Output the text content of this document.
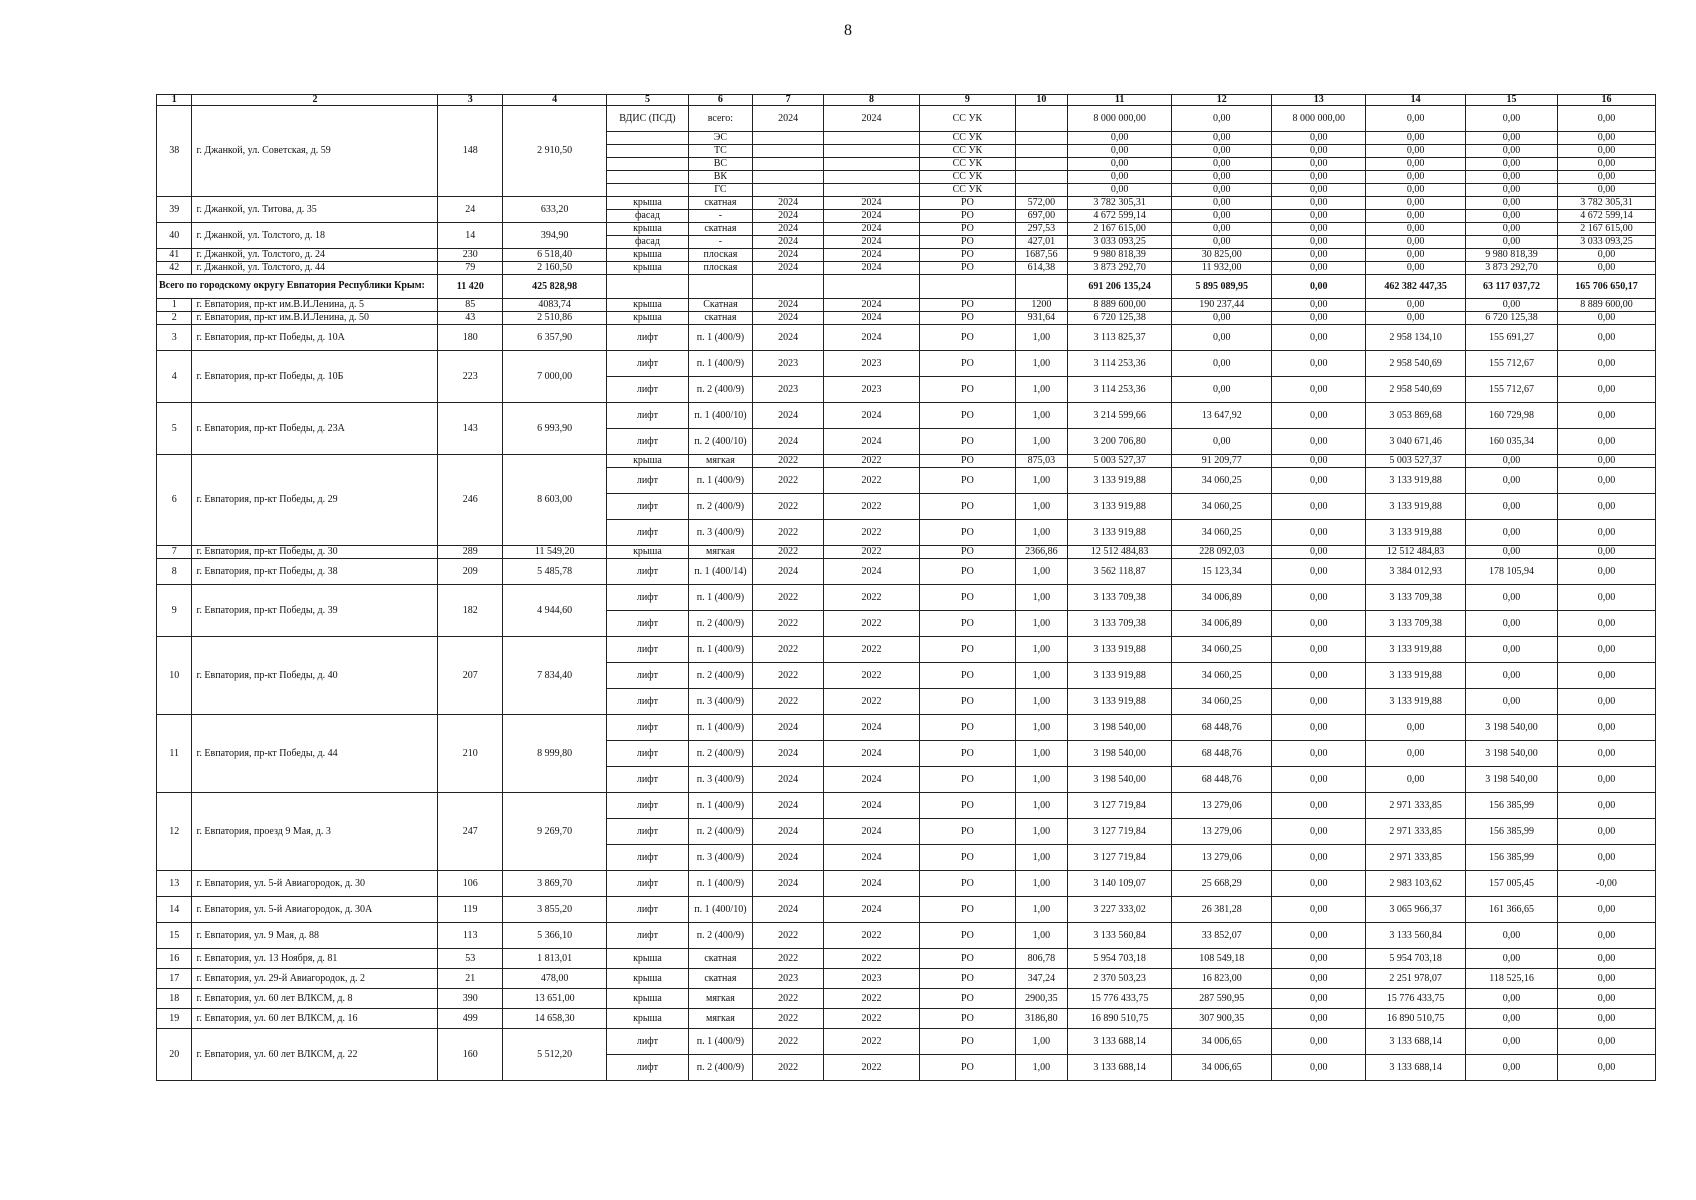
8
1	2	3	4	5	6	7	8	9	10	11	12	13	14	15	16
38	г. Джанкой, ул. Советская, д. 59	148	2 910,50	ВДИС (ПСД)	всего:	2024	2024	СС УК		8 000 000,00	0,00	8 000 000,00	0,00	0,00	0,00
					ЭС			СС УК		0,00	0,00	0,00	0,00	0,00	0,00
					ТС			СС УК		0,00	0,00	0,00	0,00	0,00	0,00
					ВС			СС УК		0,00	0,00	0,00	0,00	0,00	0,00
					ВК			СС УК		0,00	0,00	0,00	0,00	0,00	0,00
					ГС			СС УК		0,00	0,00	0,00	0,00	0,00	0,00
39	г. Джанкой, ул. Титова, д. 35	24	633,20	крыша	скатная	2024	2024	РО	572,00	3 782 305,31	0,00	0,00	0,00	0,00	3 782 305,31
				фасад	-	2024	2024	РО	697,00	4 672 599,14	0,00	0,00	0,00	0,00	4 672 599,14
40	г. Джанкой, ул. Толстого, д. 18	14	394,90	крыша	скатная	2024	2024	РО	297,53	2 167 615,00	0,00	0,00	0,00	0,00	2 167 615,00
				фасад	-	2024	2024	РО	427,01	3 033 093,25	0,00	0,00	0,00	0,00	3 033 093,25
41	г. Джанкой, ул. Толстого, д. 24	230	6 518,40	крыша	плоская	2024	2024	РО	1687,56	9 980 818,39	30 825,00	0,00	0,00	9 980 818,39	0,00
42	г. Джанкой, ул. Толстого, д. 44	79	2 160,50	крыша	плоская	2024	2024	РО	614,38	3 873 292,70	11 932,00	0,00	0,00	3 873 292,70	0,00
Всего по городскому округу Евпатория Республики Крым:		11 420	425 828,98							691 206 135,24	5 895 089,95	0,00	462 382 447,35	63 117 037,72	165 706 650,17
1	г. Евпатория, пр-кт им.В.И.Ленина, д. 5	85	4083,74	крыша	Скатная	2024	2024	РО	1200	8 889 600,00	190 237,44	0,00	0,00	0,00	8 889 600,00
2	г. Евпатория, пр-кт им.В.И.Ленина, д. 50	43	2 510,86	крыша	скатная	2024	2024	РО	931,64	6 720 125,38	0,00	0,00	0,00	6 720 125,38	0,00
3	г. Евпатория, пр-кт Победы, д. 10А	180	6 357,90	лифт	п. 1 (400/9)	2024	2024	РО	1,00	3 113 825,37	0,00	0,00	2 958 134,10	155 691,27	0,00
4	г. Евпатория, пр-кт Победы, д. 10Б	223	7 000,00	лифт	п. 1 (400/9)	2023	2023	РО	1,00	3 114 253,36	0,00	0,00	2 958 540,69	155 712,67	0,00
				лифт	п. 2 (400/9)	2023	2023	РО	1,00	3 114 253,36	0,00	0,00	2 958 540,69	155 712,67	0,00
5	г. Евпатория, пр-кт Победы, д. 23А	143	6 993,90	лифт	п. 1 (400/10)	2024	2024	РО	1,00	3 214 599,66	13 647,92	0,00	3 053 869,68	160 729,98	0,00
				лифт	п. 2 (400/10)	2024	2024	РО	1,00	3 200 706,80	0,00	0,00	3 040 671,46	160 035,34	0,00
6	г. Евпатория, пр-кт Победы, д. 29	246	8 603,00	крыша	мягкая	2022	2022	РО	875,03	5 003 527,37	91 209,77	0,00	5 003 527,37	0,00	0,00
				лифт	п. 1 (400/9)	2022	2022	РО	1,00	3 133 919,88	34 060,25	0,00	3 133 919,88	0,00	0,00
				лифт	п. 2 (400/9)	2022	2022	РО	1,00	3 133 919,88	34 060,25	0,00	3 133 919,88	0,00	0,00
				лифт	п. 3 (400/9)	2022	2022	РО	1,00	3 133 919,88	34 060,25	0,00	3 133 919,88	0,00	0,00
7	г. Евпатория, пр-кт Победы, д. 30	289	11 549,20	крыша	мягкая	2022	2022	РО	2366,86	12 512 484,83	228 092,03	0,00	12 512 484,83	0,00	0,00
8	г. Евпатория, пр-кт Победы, д. 38	209	5 485,78	лифт	п. 1 (400/14)	2024	2024	РО	1,00	3 562 118,87	15 123,34	0,00	3 384 012,93	178 105,94	0,00
9	г. Евпатория, пр-кт Победы, д. 39	182	4 944,60	лифт	п. 1 (400/9)	2022	2022	РО	1,00	3 133 709,38	34 006,89	0,00	3 133 709,38	0,00	0,00
				лифт	п. 2 (400/9)	2022	2022	РО	1,00	3 133 709,38	34 006,89	0,00	3 133 709,38	0,00	0,00
10	г. Евпатория, пр-кт Победы, д. 40	207	7 834,40	лифт	п. 1 (400/9)	2022	2022	РО	1,00	3 133 919,88	34 060,25	0,00	3 133 919,88	0,00	0,00
				лифт	п. 2 (400/9)	2022	2022	РО	1,00	3 133 919,88	34 060,25	0,00	3 133 919,88	0,00	0,00
				лифт	п. 3 (400/9)	2022	2022	РО	1,00	3 133 919,88	34 060,25	0,00	3 133 919,88	0,00	0,00
11	г. Евпатория, пр-кт Победы, д. 44	210	8 999,80	лифт	п. 1 (400/9)	2024	2024	РО	1,00	3 198 540,00	68 448,76	0,00	0,00	3 198 540,00	0,00
				лифт	п. 2 (400/9)	2024	2024	РО	1,00	3 198 540,00	68 448,76	0,00	0,00	3 198 540,00	0,00
				лифт	п. 3 (400/9)	2024	2024	РО	1,00	3 198 540,00	68 448,76	0,00	0,00	3 198 540,00	0,00
12	г. Евпатория, проезд 9 Мая, д. 3	247	9 269,70	лифт	п. 1 (400/9)	2024	2024	РО	1,00	3 127 719,84	13 279,06	0,00	2 971 333,85	156 385,99	0,00
				лифт	п. 2 (400/9)	2024	2024	РО	1,00	3 127 719,84	13 279,06	0,00	2 971 333,85	156 385,99	0,00
				лифт	п. 3 (400/9)	2024	2024	РО	1,00	3 127 719,84	13 279,06	0,00	2 971 333,85	156 385,99	0,00
13	г. Евпатория, ул. 5-й Авиагородок, д. 30	106	3 869,70	лифт	п. 1 (400/9)	2024	2024	РО	1,00	3 140 109,07	25 668,29	0,00	2 983 103,62	157 005,45	-0,00
14	г. Евпатория, ул. 5-й Авиагородок, д. 30А	119	3 855,20	лифт	п. 1 (400/10)	2024	2024	РО	1,00	3 227 333,02	26 381,28	0,00	3 065 966,37	161 366,65	0,00
15	г. Евпатория, ул. 9 Мая, д. 88	113	5 366,10	лифт	п. 2 (400/9)	2022	2022	РО	1,00	3 133 560,84	33 852,07	0,00	3 133 560,84	0,00	0,00
16	г. Евпатория, ул. 13 Ноября, д. 81	53	1 813,01	крыша	скатная	2022	2022	РО	806,78	5 954 703,18	108 549,18	0,00	5 954 703,18	0,00	0,00
17	г. Евпатория, ул. 29-й Авиагородок, д. 2	21	478,00	крыша	скатная	2023	2023	РО	347,24	2 370 503,23	16 823,00	0,00	2 251 978,07	118 525,16	0,00
18	г. Евпатория, ул. 60 лет ВЛКСМ, д. 8	390	13 651,00	крыша	мягкая	2022	2022	РО	2900,35	15 776 433,75	287 590,95	0,00	15 776 433,75	0,00	0,00
19	г. Евпатория, ул. 60 лет ВЛКСМ, д. 16	499	14 658,30	крыша	мягкая	2022	2022	РО	3186,80	16 890 510,75	307 900,35	0,00	16 890 510,75	0,00	0,00
20	г. Евпатория, ул. 60 лет ВЛКСМ, д. 22	160	5 512,20	лифт	п. 1 (400/9)	2022	2022	РО	1,00	3 133 688,14	34 006,65	0,00	3 133 688,14	0,00	0,00
				лифт	п. 2 (400/9)	2022	2022	РО	1,00	3 133 688,14	34 006,65	0,00	3 133 688,14	0,00	0,00
